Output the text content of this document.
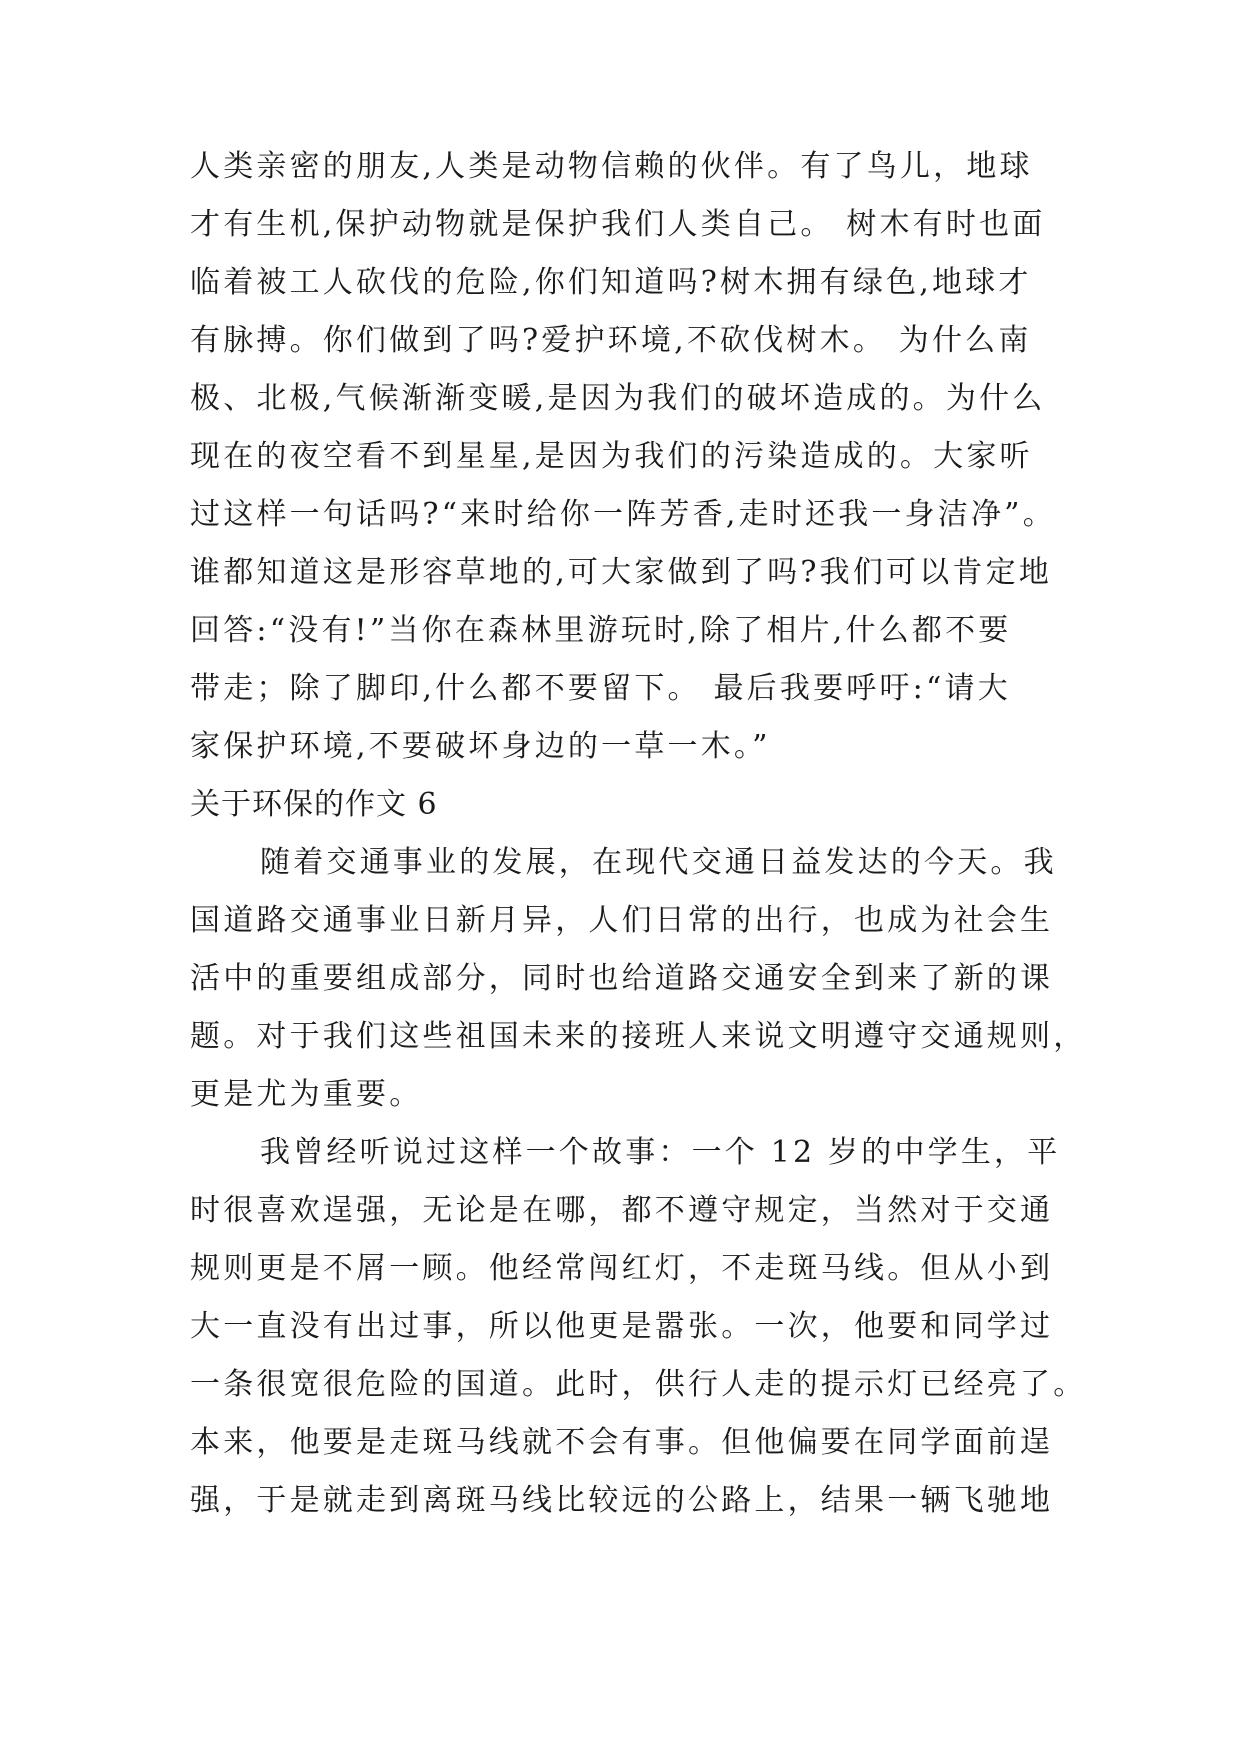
人类亲密的朋友,人类是动物信赖的伙伴。有了鸟儿，地球
才有生机,保护动物就是保护我们人类自己。 树木有时也面
临着被工人砍伐的危险,你们知道吗?树木拥有绿色,地球才
有脉搏。你们做到了吗?爱护环境,不砍伐树木。 为什么南
极、北极,气候渐渐变暖,是因为我们的破坏造成的。为什么
现在的夜空看不到星星,是因为我们的污染造成的。大家听
过这样一句话吗?“来时给你一阵芳香,走时还我一身洁净”。
谁都知道这是形容草地的,可大家做到了吗?我们可以肯定地
回答:“没有!”当你在森林里游玩时,除了相片,什么都不要
带走；除了脚印,什么都不要留下。 最后我要呼吁:“请大
家保护环境,不要破坏身边的一草一木。”
关于环保的作文 6
随着交通事业的发展，在现代交通日益发达的今天。我
国道路交通事业日新月异，人们日常的出行，也成为社会生
活中的重要组成部分，同时也给道路交通安全到来了新的课
题。对于我们这些祖国未来的接班人来说文明遵守交通规则，
更是尤为重要。
我曾经听说过这样一个故事：一个 12 岁的中学生，平
时很喜欢逞强，无论是在哪，都不遵守规定，当然对于交通
规则更是不屑一顾。他经常闯红灯，不走斑马线。但从小到
大一直没有出过事，所以他更是嚣张。一次，他要和同学过
一条很宽很危险的国道。此时，供行人走的提示灯已经亮了。
本来，他要是走斑马线就不会有事。但他偏要在同学面前逞
强，于是就走到离斑马线比较远的公路上，结果一辆飞驰地
